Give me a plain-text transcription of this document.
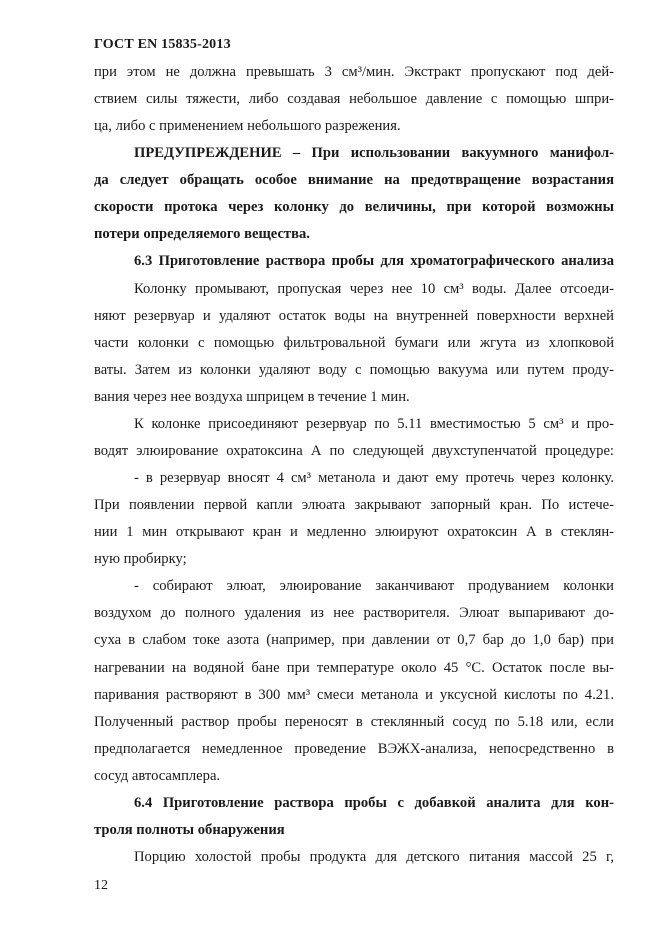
ГОСТ EN 15835-2013
при этом не должна превышать 3 см³/мин. Экстракт пропускают под дей-
ствием силы тяжести, либо создавая небольшое давление с помощью шпри-
ца, либо с применением небольшого разрежения.
ПРЕДУПРЕЖДЕНИЕ – При использовании вакуумного манифол-
да следует обращать особое внимание на предотвращение возрастания
скорости протока через колонку до величины, при которой возможны
потери определяемого вещества.
6.3 Приготовление раствора пробы для хроматографического анализа
Колонку промывают, пропуская через нее 10 см³ воды. Далее отсоеди-
няют резервуар и удаляют остаток воды на внутренней поверхности верхней
части колонки с помощью фильтровальной бумаги или жгута из хлопковой
ваты. Затем из колонки удаляют воду с помощью вакуума или путем проду-
вания через нее воздуха шприцем в течение 1 мин.
К колонке присоединяют резервуар по 5.11 вместимостью 5 см³ и про-
водят элюирование охратоксина А по следующей двухступенчатой процедуре:
- в резервуар вносят 4 см³ метанола и дают ему протечь через колонку.
При появлении первой капли элюата закрывают запорный кран. По истече-
нии 1 мин открывают кран и медленно элюируют охратоксин А в стеклян-
ную пробирку;
- собирают элюат, элюирование заканчивают продуванием колонки
воздухом до полного удаления из нее растворителя. Элюат выпаривают до-
суха в слабом токе азота (например, при давлении от 0,7 бар до 1,0 бар) при
нагревании на водяной бане при температуре около 45 °С. Остаток после вы-
паривания растворяют в 300 мм³ смеси метанола и уксусной кислоты по 4.21.
Полученный раствор пробы переносят в стеклянный сосуд по 5.18 или, если
предполагается немедленное проведение ВЭЖХ-анализа, непосредственно в
сосуд автосамплера.
6.4 Приготовление раствора пробы с добавкой аналита для кон-
троля полноты обнаружения
Порцию холостой пробы продукта для детского питания массой 25 г,
12
